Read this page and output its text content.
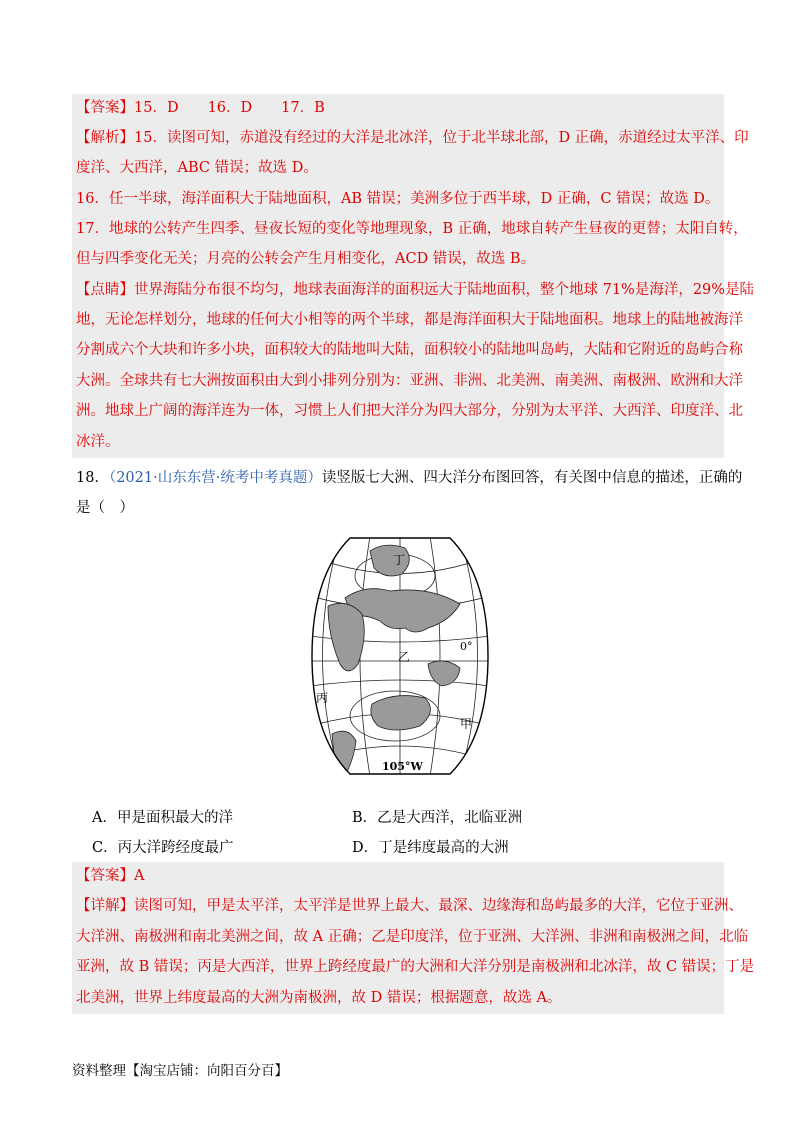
【答案】15．D　　16．D　　17．B
【解析】15．读图可知，赤道没有经过的大洋是北冰洋，位于北半球北部，D 正确，赤道经过太平洋、印
度洋、大西洋，ABC 错误；故选 D。
16．任一半球，海洋面积大于陆地面积，AB 错误；美洲多位于西半球，D 正确，C 错误；故选 D。
17．地球的公转产生四季、昼夜长短的变化等地理现象，B 正确，地球自转产生昼夜的更替；太阳自转，
但与四季变化无关；月亮的公转会产生月相变化，ACD 错误，故选 B。
【点睛】世界海陆分布很不均匀，地球表面海洋的面积远大于陆地面积，整个地球 71%是海洋，29%是陆
地，无论怎样划分，地球的任何大小相等的两个半球，都是海洋面积大于陆地面积。地球上的陆地被海洋
分割成六个大块和许多小块，面积较大的陆地叫大陆，面积较小的陆地叫岛屿，大陆和它附近的岛屿合称
大洲。全球共有七大洲按面积由大到小排列分别为：亚洲、非洲、北美洲、南美洲、南极洲、欧洲和大洋
洲。地球上广阔的海洋连为一体，习惯上人们把大洋分为四大部分，分别为太平洋、大西洋、印度洋、北
冰洋。
18．（2021·山东东营·统考中考真题）读竖版七大洲、四大洋分布图回答，有关图中信息的描述，正确的
是（　）
丁
乙
丙
甲
0°
105°W
A．甲是面积最大的洋	B．乙是大西洋，北临亚洲
C．丙大洋跨经度最广	D．丁是纬度最高的大洲
【答案】A
【详解】读图可知，甲是太平洋，太平洋是世界上最大、最深、边缘海和岛屿最多的大洋，它位于亚洲、
大洋洲、南极洲和南北美洲之间，故 A 正确；乙是印度洋，位于亚洲、大洋洲、非洲和南极洲之间，北临
亚洲，故 B 错误；丙是大西洋，世界上跨经度最广的大洲和大洋分别是南极洲和北冰洋，故 C 错误；丁是
北美洲，世界上纬度最高的大洲为南极洲，故 D 错误；根据题意，故选 A。
资料整理【淘宝店铺：向阳百分百】
